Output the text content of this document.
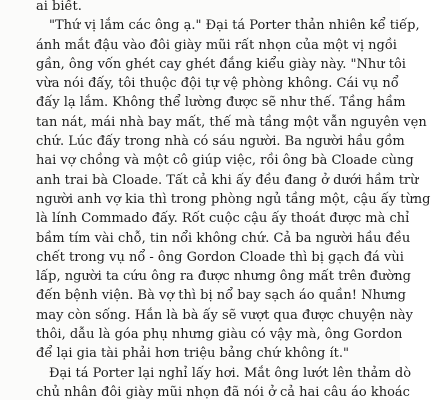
ai biết.
"Thứ vị lắm các ông ạ." Đại tá Porter thản nhiên kể tiếp,
ánh mắt đậu vào đôi giày mũi rất nhọn của một vị ngồi
gần, ông vốn ghét cay ghét đắng kiểu giày này. "Như tôi
vừa nói đấy, tôi thuộc đội tự vệ phòng không. Cái vụ nổ
đấy lạ lắm. Không thể lường được sẽ như thế. Tầng hầm
tan nát, mái nhà bay mất, thế mà tầng một vẫn nguyên vẹn
chứ. Lúc đấy trong nhà có sáu người. Ba người hầu gồm
hai vợ chồng và một cô giúp việc, rồi ông bà Cloade cùng
anh trai bà Cloade. Tất cả khi ấy đều đang ở dưới hầm trừ
người anh vợ kia thì trong phòng ngủ tầng một, cậu ấy từng
là lính Commado đấy. Rốt cuộc cậu ấy thoát được mà chỉ
bầm tím vài chỗ, tin nổi không chứ. Cả ba người hầu đều
chết trong vụ nổ - ông Gordon Cloade thì bị gạch đá vùi
lấp, người ta cứu ông ra được nhưng ông mất trên đường
đến bệnh viện. Bà vợ thì bị nổ bay sạch áo quần! Nhưng
may còn sống. Hắn là bà ấy sẽ vượt qua được chuyện này
thôi, dẫu là góa phụ nhưng giàu có vậy mà, ông Gordon
để lại gia tài phải hơn triệu bảng chứ không ít."
Đại tá Porter lại nghỉ lấy hơi. Mắt ông lướt lên thảm dò
chủ nhân đôi giày mũi nhọn đã nói ở cả hai câu áo khoác
